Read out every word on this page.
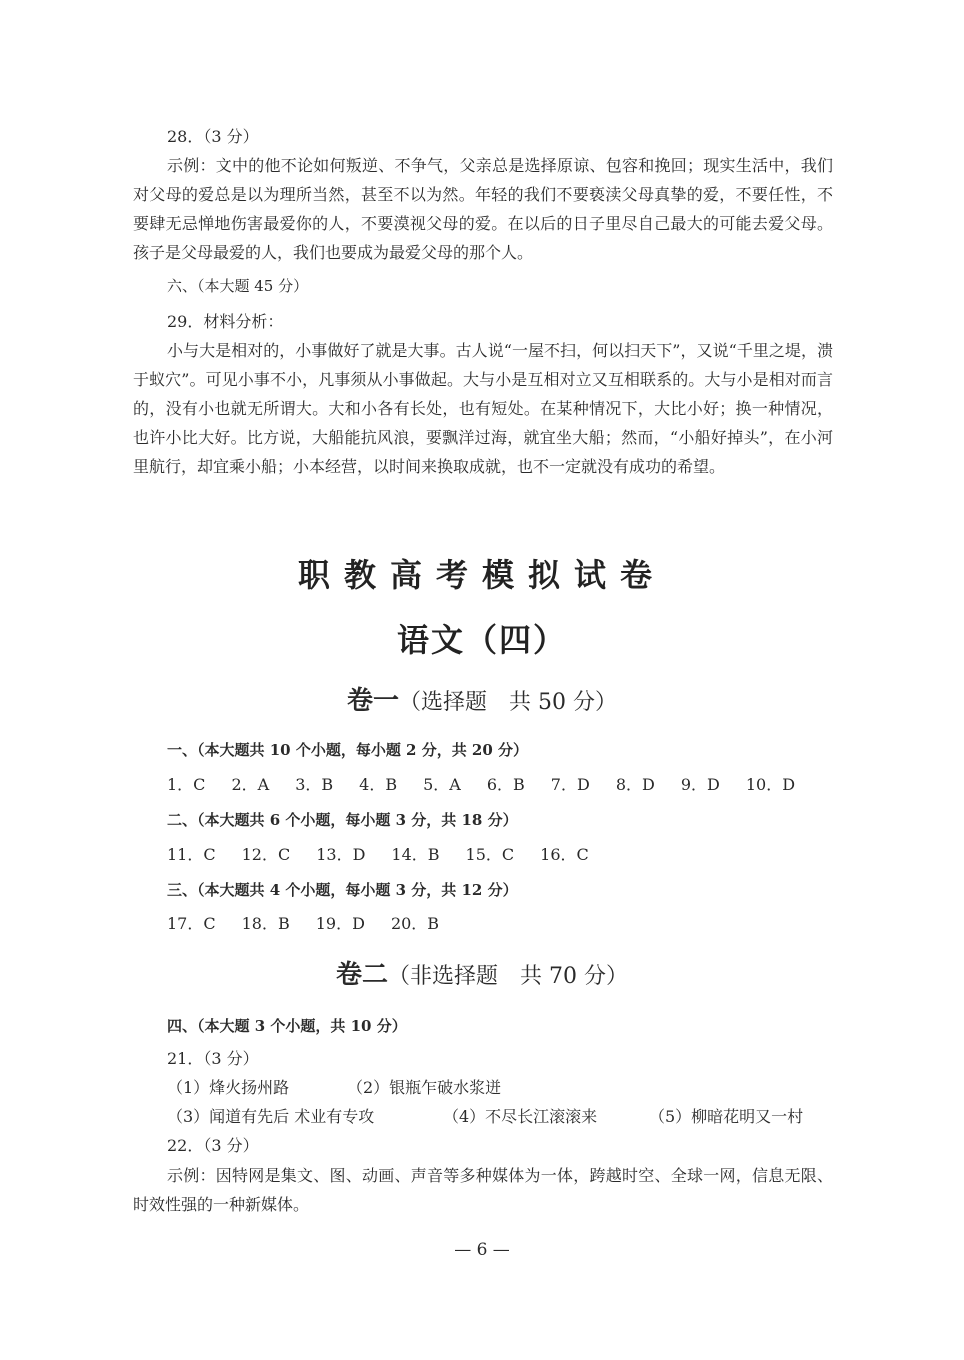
28．（3 分）

示例：文中的他不论如何叛逆、不争气，父亲总是选择原谅、包容和挽回；现实生活中，我们对父母的爱总是以为理所当然，甚至不以为然。年轻的我们不要亵渎父母真挚的爱，不要任性，不要肆无忌惮地伤害最爱你的人，不要漠视父母的爱。在以后的日子里尽自己最大的可能去爱父母。孩子是父母最爱的人，我们也要成为最爱父母的那个人。

六、（本大题 45 分）

29．材料分析：

小与大是相对的，小事做好了就是大事。古人说“一屋不扫，何以扫天下”，又说“千里之堤，溃于蚁穴”。可见小事不小，凡事须从小事做起。大与小是互相对立又互相联系的。大与小是相对而言的，没有小也就无所谓大。大和小各有长处，也有短处。在某种情况下，大比小好；换一种情况，也许小比大好。比方说，大船能抗风浪，要飘洋过海，就宜坐大船；然而，“小船好掉头”，在小河里航行，却宜乘小船；小本经营，以时间来换取成就，也不一定就没有成功的希望。

职教高考模拟试卷
语文（四）
卷一（选择题　共 50 分）

一、（本大题共 10 个小题，每小题 2 分，共 20 分）

1．C 2．A 3．B 4．B 5．A 6．B 7．D 8．D 9．D 10．D

二、（本大题共 6 个小题，每小题 3 分，共 18 分）

11．C 12．C 13．D 14．B 15．C 16．C

三、（本大题共 4 个小题，每小题 3 分，共 12 分）

17．C 18．B 19．D 20．B
卷二（非选择题　共 70 分）

四、（本大题 3 个小题，共 10 分）

21．（3 分）
（1）烽火扬州路	（2）银瓶乍破水浆迸
（3）闻道有先后 术业有专攻	（4）不尽长江滚滚来	（5）柳暗花明又一村
22．（3 分）

示例：因特网是集文、图、动画、声音等多种媒体为一体，跨越时空、全球一网，信息无限、时效性强的一种新媒体。

— 6 —
